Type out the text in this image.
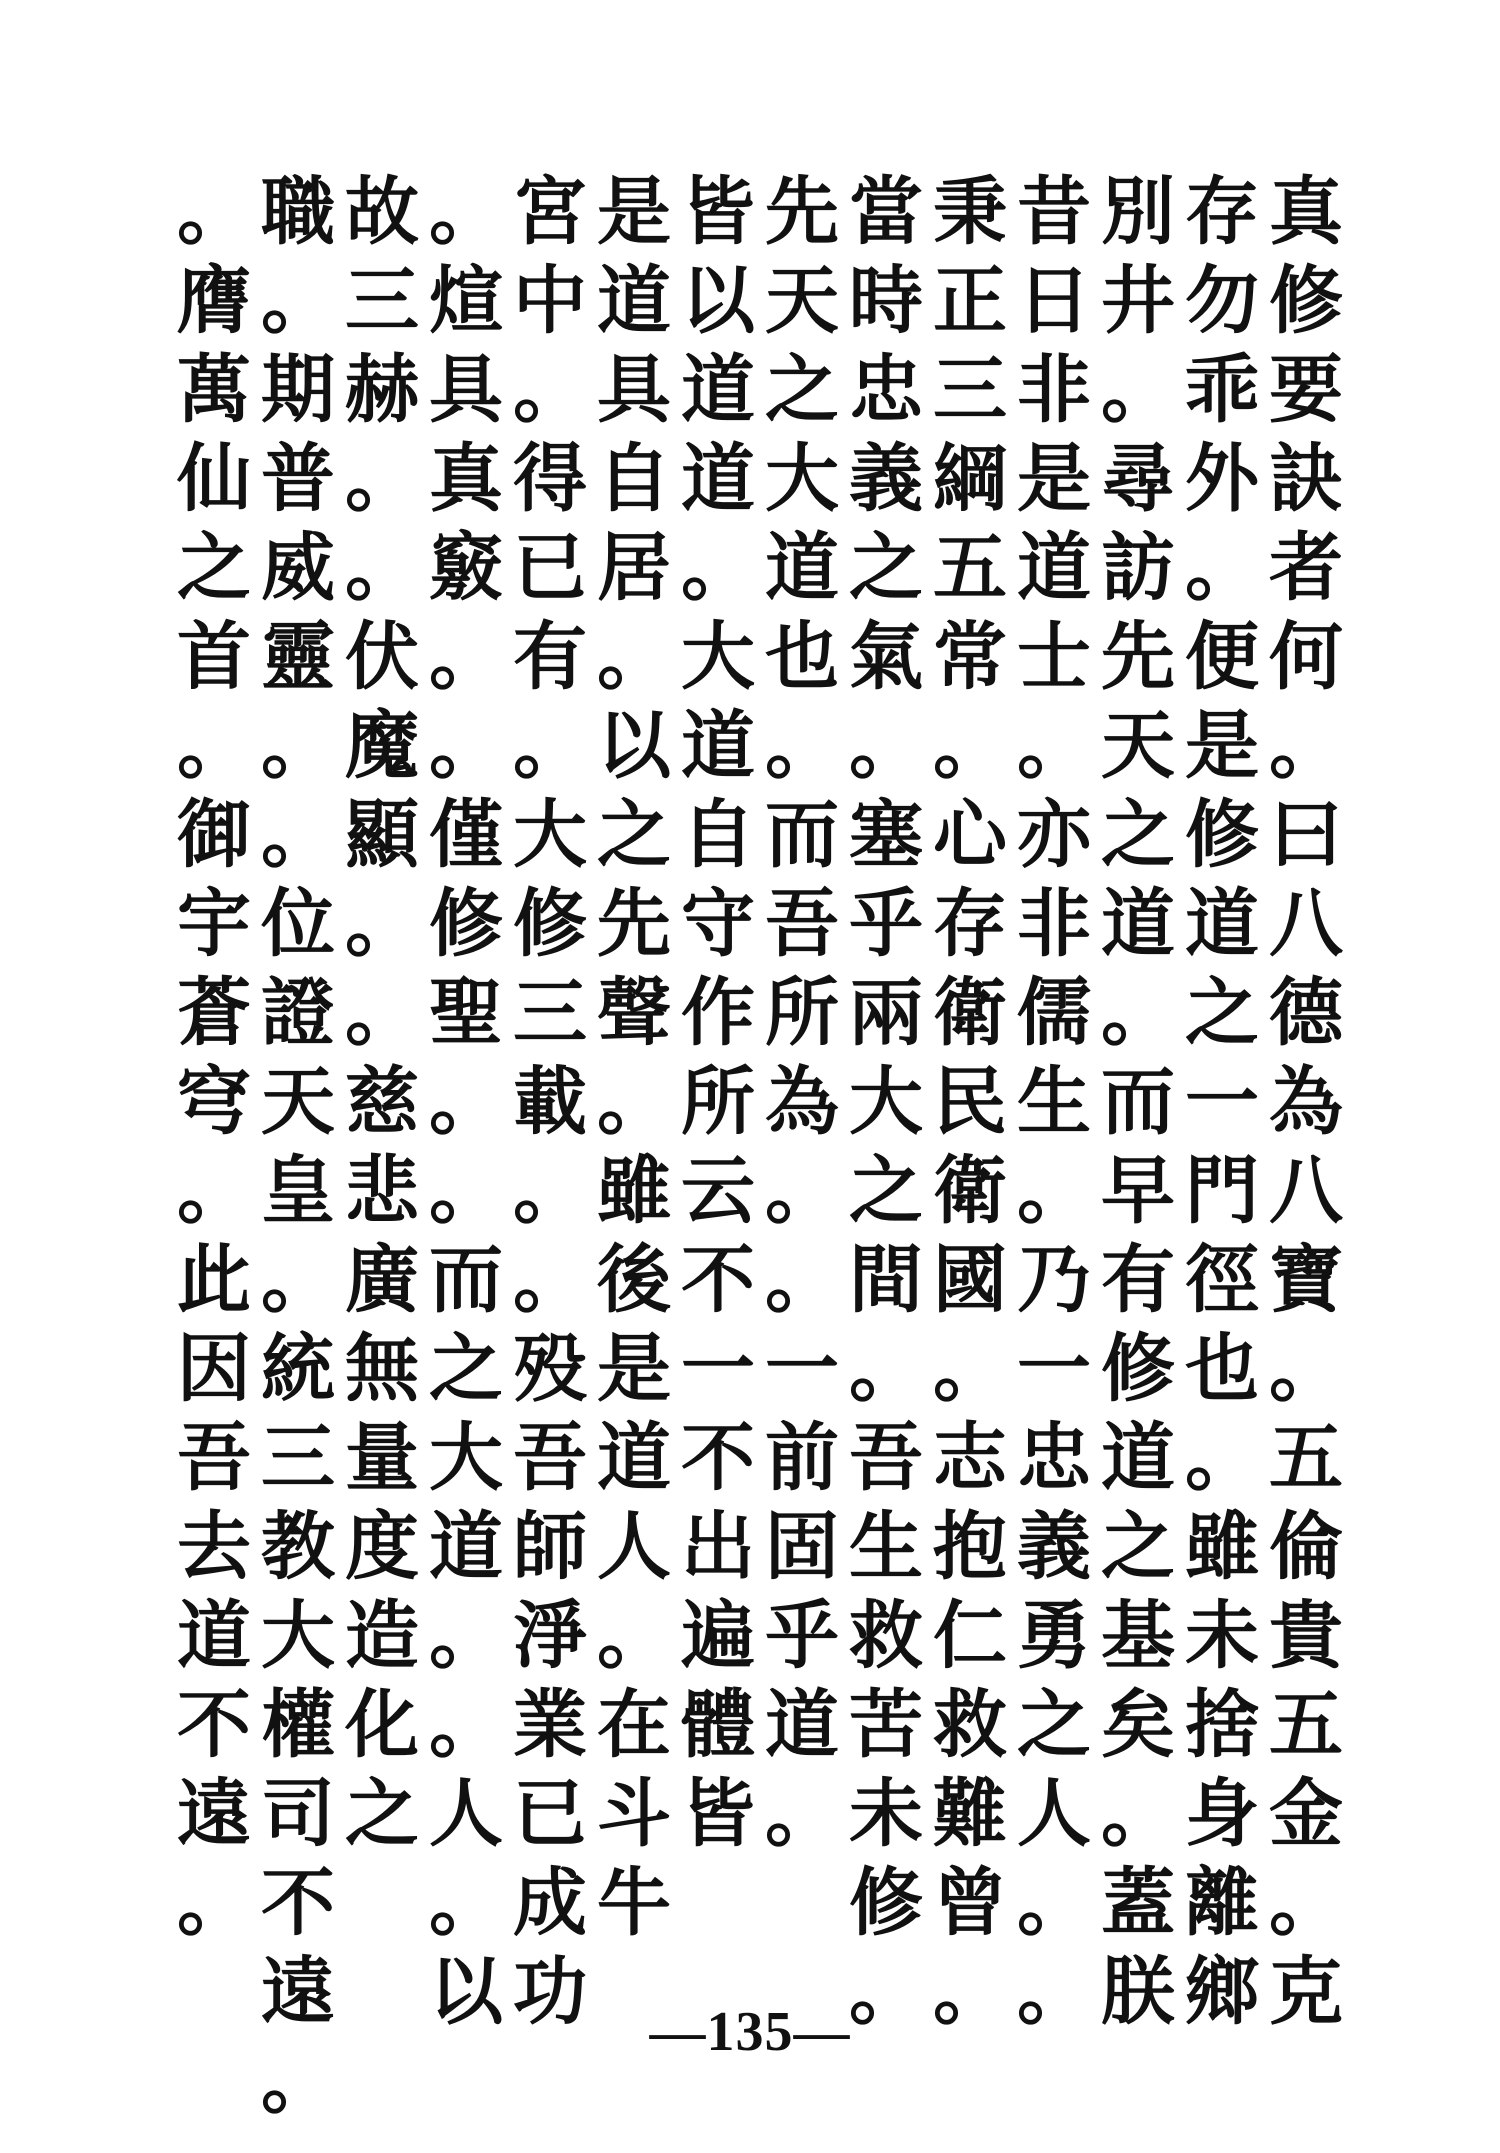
真
修
要
訣
者
何
。
曰
八
德
為
八
寶
。
五
倫
貴
五
金
。
克
存
勿
乖
外
。
便
是
修
道
之
一
門
徑
也
。
雖
未
捨
身
離
鄉
別
井
。
尋
訪
先
天
之
道
。
而
早
有
修
道
之
基
矣
。
蓋
朕
昔
日
非
是
道
士
。
亦
非
儒
生
。
乃
一
忠
義
勇
之
人
。
。
秉
正
三
綱
五
常
。
心
存
衛
民
衛
國
。
志
抱
仁
救
難
曾
。
當
時
忠
義
之
氣
。
塞
乎
兩
大
之
間
。
吾
生
救
苦
未
修
。
先
天
之
大
道
也
。
而
吾
所
為
。
。
一
前
固
乎
道
。
皆
以
道
道
。
大
道
自
守
作
所
云
不
一
不
出
遍
體
皆
是
道
具
自
居
。
以
之
先
聲
。
雖
後
是
道
人
。
在
斗
牛
宮
中
。
得
已
有
。
大
修
三
載
。
。
殁
吾
師
淨
業
已
成
功
。
煊
具
真
竅
。
。
僅
修
聖
。
。
而
之
大
道
。
。
人
。
以
故
三
赫
。
。
伏
魔
顯
。
。
慈
悲
廣
無
量
度
造
化
之
職
。
期
普
威
靈
。
。
位
證
天
皇
。
統
三
教
大
權
司
不
遠
。
。
膺
萬
仙
之
首
。
御
宇
蒼
穹
。
此
因
吾
去
道
不
遠
。
—135—
